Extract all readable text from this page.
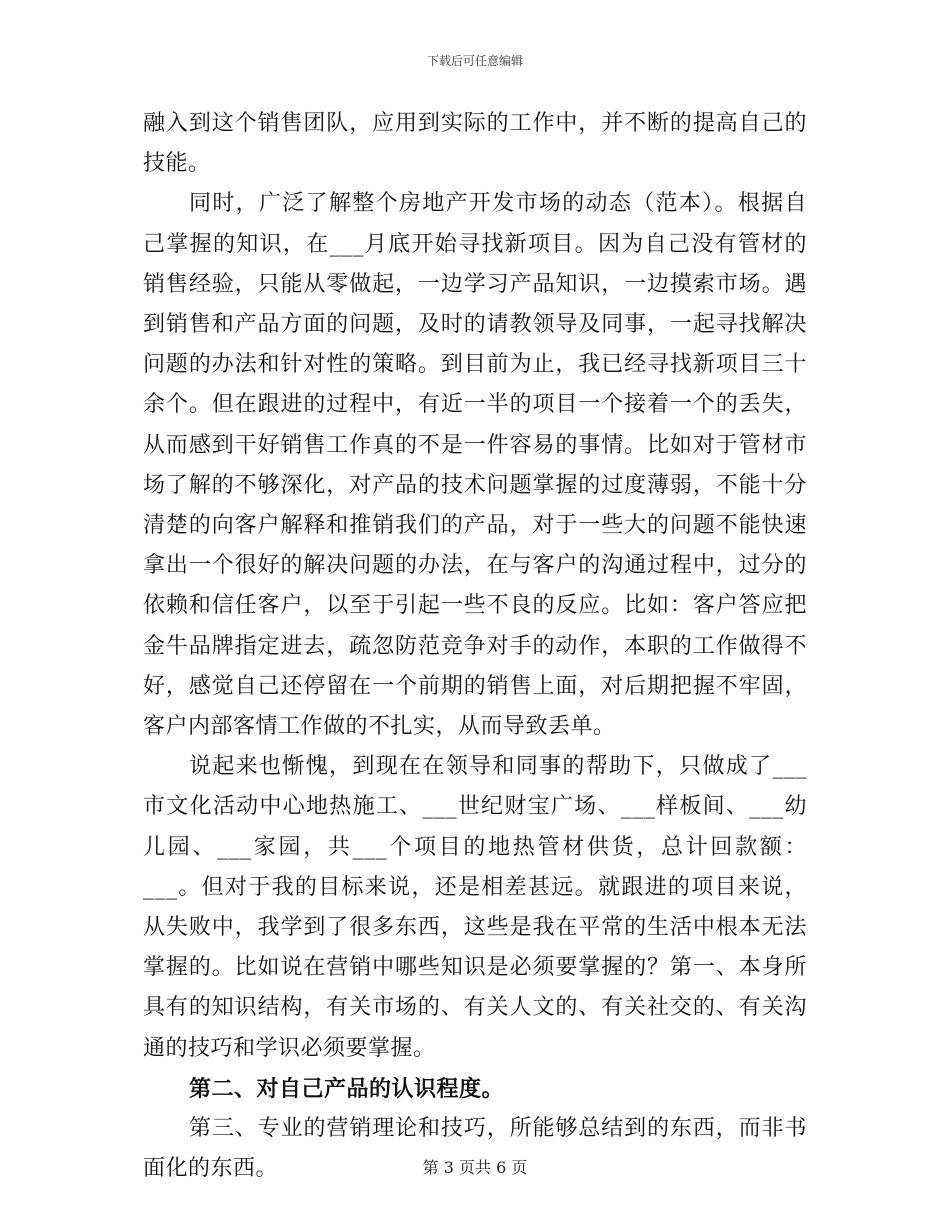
下载后可任意编辑

融入到这个销售团队，应用到实际的工作中，并不断的提高自己的技能。

同时，广泛了解整个房地产开发市场的动态（范本）。根据自己掌握的知识，在___月底开始寻找新项目。因为自己没有管材的销售经验，只能从零做起，一边学习产品知识，一边摸索市场。遇到销售和产品方面的问题，及时的请教领导及同事，一起寻找解决问题的办法和针对性的策略。到目前为止，我已经寻找新项目三十余个。但在跟进的过程中，有近一半的项目一个接着一个的丢失，从而感到干好销售工作真的不是一件容易的事情。比如对于管材市场了解的不够深化，对产品的技术问题掌握的过度薄弱，不能十分清楚的向客户解释和推销我们的产品，对于一些大的问题不能快速拿出一个很好的解决问题的办法，在与客户的沟通过程中，过分的依赖和信任客户，以至于引起一些不良的反应。比如：客户答应把金牛品牌指定进去，疏忽防范竞争对手的动作，本职的工作做得不好，感觉自己还停留在一个前期的销售上面，对后期把握不牢固，客户内部客情工作做的不扎实，从而导致丢单。

说起来也惭愧，到现在在领导和同事的帮助下，只做成了___市文化活动中心地热施工、___世纪财宝广场、___样板间、___幼儿园、___家园，共___个项目的地热管材供货，总计回款额：___。但对于我的目标来说，还是相差甚远。就跟进的项目来说，从失败中，我学到了很多东西，这些是我在平常的生活中根本无法掌握的。比如说在营销中哪些知识是必须要掌握的？第一、本身所具有的知识结构，有关市场的、有关人文的、有关社交的、有关沟通的技巧和学识必须要掌握。

第二、对自己产品的认识程度。

第三、专业的营销理论和技巧，所能够总结到的东西，而非书面化的东西。	第 3 页共 6 页
